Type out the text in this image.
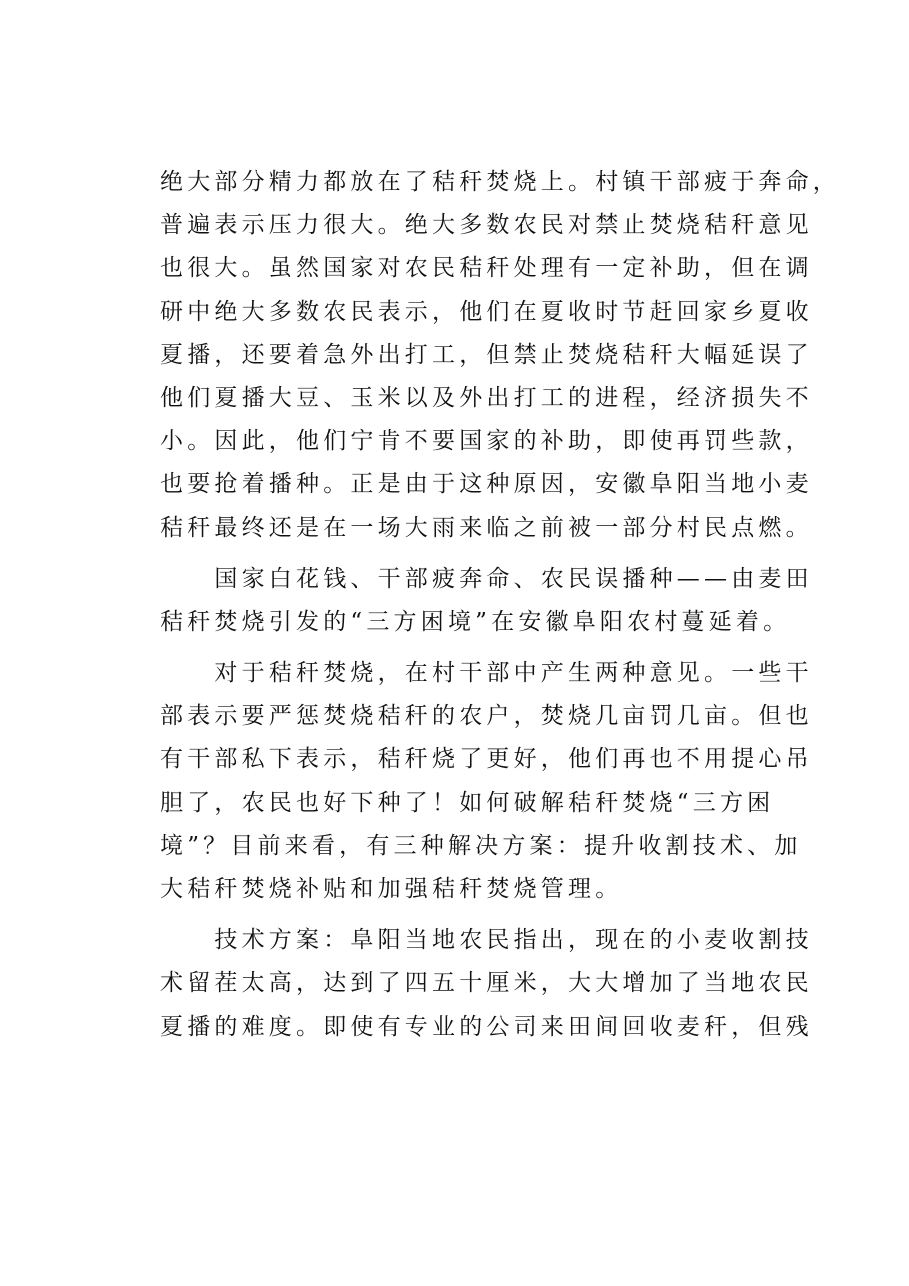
绝大部分精力都放在了秸秆焚烧上。村镇干部疲于奔命，
普遍表示压力很大。绝大多数农民对禁止焚烧秸秆意见
也很大。虽然国家对农民秸秆处理有一定补助，但在调
研中绝大多数农民表示，他们在夏收时节赶回家乡夏收
夏播，还要着急外出打工，但禁止焚烧秸秆大幅延误了
他们夏播大豆、玉米以及外出打工的进程，经济损失不
小。因此，他们宁肯不要国家的补助，即使再罚些款，
也要抢着播种。正是由于这种原因，安徽阜阳当地小麦
秸秆最终还是在一场大雨来临之前被一部分村民点燃。
　　国家白花钱、干部疲奔命、农民误播种——由麦田
秸秆焚烧引发的“三方困境”在安徽阜阳农村蔓延着。
　　对于秸秆焚烧，在村干部中产生两种意见。一些干
部表示要严惩焚烧秸秆的农户，焚烧几亩罚几亩。但也
有干部私下表示，秸秆烧了更好，他们再也不用提心吊
胆了，农民也好下种了！如何破解秸秆焚烧“三方困
境”？目前来看，有三种解决方案：提升收割技术、加
大秸秆焚烧补贴和加强秸秆焚烧管理。
　　技术方案：阜阳当地农民指出，现在的小麦收割技
术留茬太高，达到了四五十厘米，大大增加了当地农民
夏播的难度。即使有专业的公司来田间回收麦秆，但残
